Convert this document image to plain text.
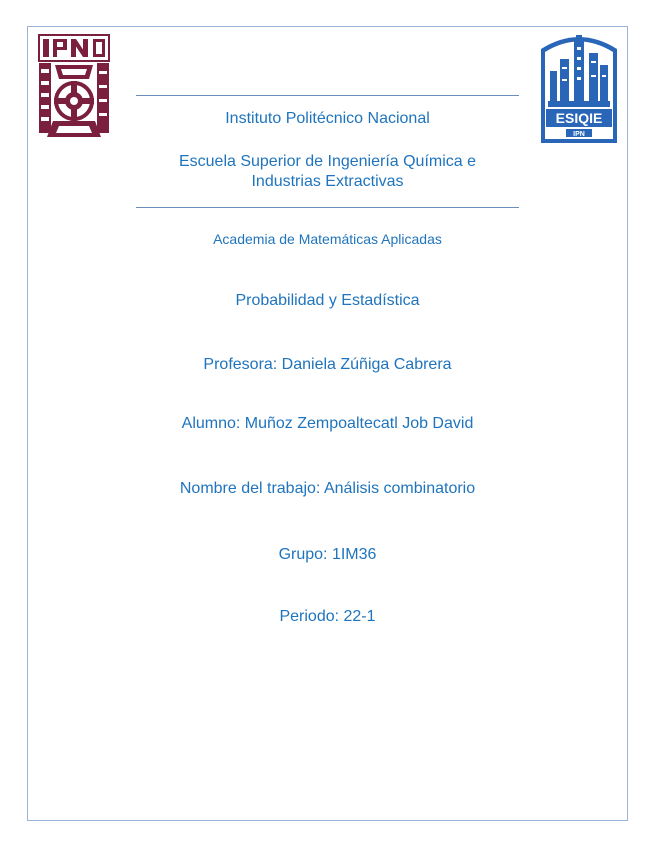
ESIQIE
IPN
Instituto Politécnico Nacional
Escuela Superior de Ingeniería Química e
Industrias Extractivas
Academia de Matemáticas Aplicadas
Probabilidad y Estadística
Profesora: Daniela Zúñiga Cabrera
Alumno: Muñoz Zempoaltecatl Job David
Nombre del trabajo: Análisis combinatorio
Grupo: 1IM36
Periodo: 22-1
